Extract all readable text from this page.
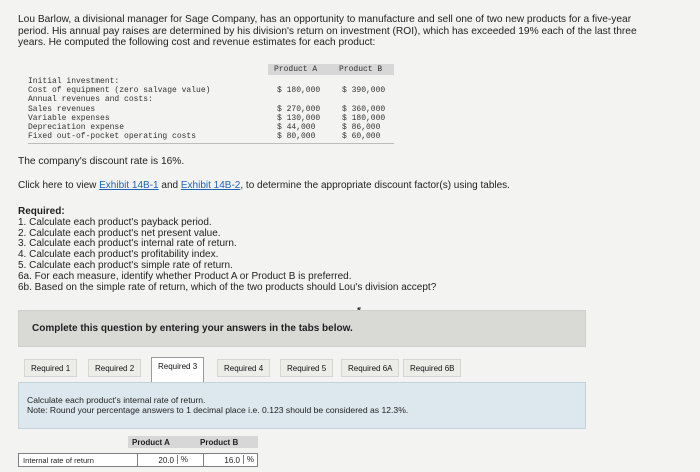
Lou Barlow, a divisional manager for Sage Company, has an opportunity to manufacture and sell one of two new products for a five-year period. His annual pay raises are determined by his division's return on investment (ROI), which has exceeded 19% each of the last three years. He computed the following cost and revenue estimates for each product:
Product A	Product B
Initial investment:
Cost of equipment (zero salvage value)	$ 180,000	$ 390,000
Annual revenues and costs:
Sales revenues	$ 270,000	$ 360,000
Variable expenses	$ 130,000	$ 180,000
Depreciation expense	$ 44,000	$ 86,000
Fixed out-of-pocket operating costs	$ 80,000	$ 60,000
The company's discount rate is 16%.
Click here to view Exhibit 14B-1 and Exhibit 14B-2, to determine the appropriate discount factor(s) using tables.
Required:
1. Calculate each product's payback period.
2. Calculate each product's net present value.
3. Calculate each product's internal rate of return.
4. Calculate each product's profitability index.
5. Calculate each product's simple rate of return.
6a. For each measure, identify whether Product A or Product B is preferred.
6b. Based on the simple rate of return, which of the two products should Lou's division accept?
Complete this question by entering your answers in the tabs below.
Required 1	Required 2	Required 3	Required 4	Required 5	Required 6A	Required 6B

Calculate each product's internal rate of return.

Note: Round your percentage answers to 1 decimal place i.e. 0.123 should be considered as 12.3%.

Product A	Product B
Internal rate of return	20.0 %	16.0 %
